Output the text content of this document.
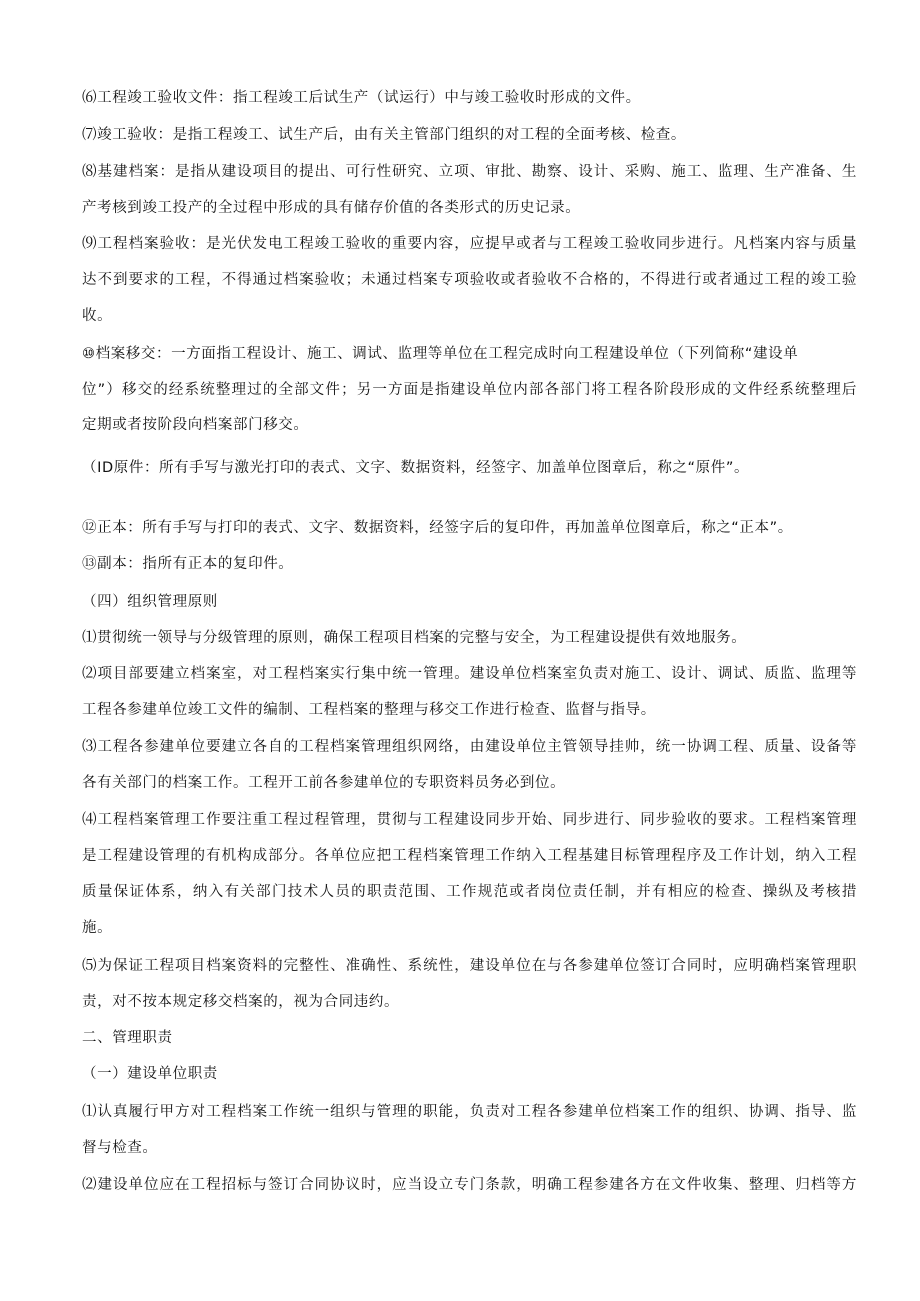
⑹工程竣工验收文件：指工程竣工后试生产（试运行）中与竣工验收时形成的文件。
⑺竣工验收：是指工程竣工、试生产后，由有关主管部门组织的对工程的全面考核、检查。
⑻基建档案：是指从建设项目的提出、可行性研究、立项、审批、勘察、设计、采购、施工、监理、生产准备、生
产考核到竣工投产的全过程中形成的具有储存价值的各类形式的历史记录。
⑼工程档案验收：是光伏发电工程竣工验收的重要内容，应提早或者与工程竣工验收同步进行。凡档案内容与质量
达不到要求的工程，不得通过档案验收；未通过档案专项验收或者验收不合格的，不得进行或者通过工程的竣工验
收。
⑩档案移交：一方面指工程设计、施工、调试、监理等单位在工程完成时向工程建设单位（下列简称“建设单
位”）移交的经系统整理过的全部文件；另一方面是指建设单位内部各部门将工程各阶段形成的文件经系统整理后
定期或者按阶段向档案部门移交。
（ID原件：所有手写与激光打印的表式、文字、数据资料，经签字、加盖单位图章后，称之“原件”。
⑫正本：所有手写与打印的表式、文字、数据资料，经签字后的复印件，再加盖单位图章后，称之“正本”。
⑬副本：指所有正本的复印件。
（四）组织管理原则
⑴贯彻统一领导与分级管理的原则，确保工程项目档案的完整与安全，为工程建设提供有效地服务。
⑵项目部要建立档案室，对工程档案实行集中统一管理。建设单位档案室负责对施工、设计、调试、质监、监理等
工程各参建单位竣工文件的编制、工程档案的整理与移交工作进行检查、监督与指导。
⑶工程各参建单位要建立各自的工程档案管理组织网络，由建设单位主管领导挂帅，统一协调工程、质量、设备等
各有关部门的档案工作。工程开工前各参建单位的专职资料员务必到位。
⑷工程档案管理工作要注重工程过程管理，贯彻与工程建设同步开始、同步进行、同步验收的要求。工程档案管理
是工程建设管理的有机构成部分。各单位应把工程档案管理工作纳入工程基建目标管理程序及工作计划，纳入工程
质量保证体系，纳入有关部门技术人员的职责范围、工作规范或者岗位责任制，并有相应的检查、操纵及考核措
施。
⑸为保证工程项目档案资料的完整性、准确性、系统性，建设单位在与各参建单位签订合同时，应明确档案管理职
责，对不按本规定移交档案的，视为合同违约。
二、管理职责
（一）建设单位职责
⑴认真履行甲方对工程档案工作统一组织与管理的职能，负责对工程各参建单位档案工作的组织、协调、指导、监
督与检查。
⑵建设单位应在工程招标与签订合同协议时，应当设立专门条款，明确工程参建各方在文件收集、整理、归档等方
